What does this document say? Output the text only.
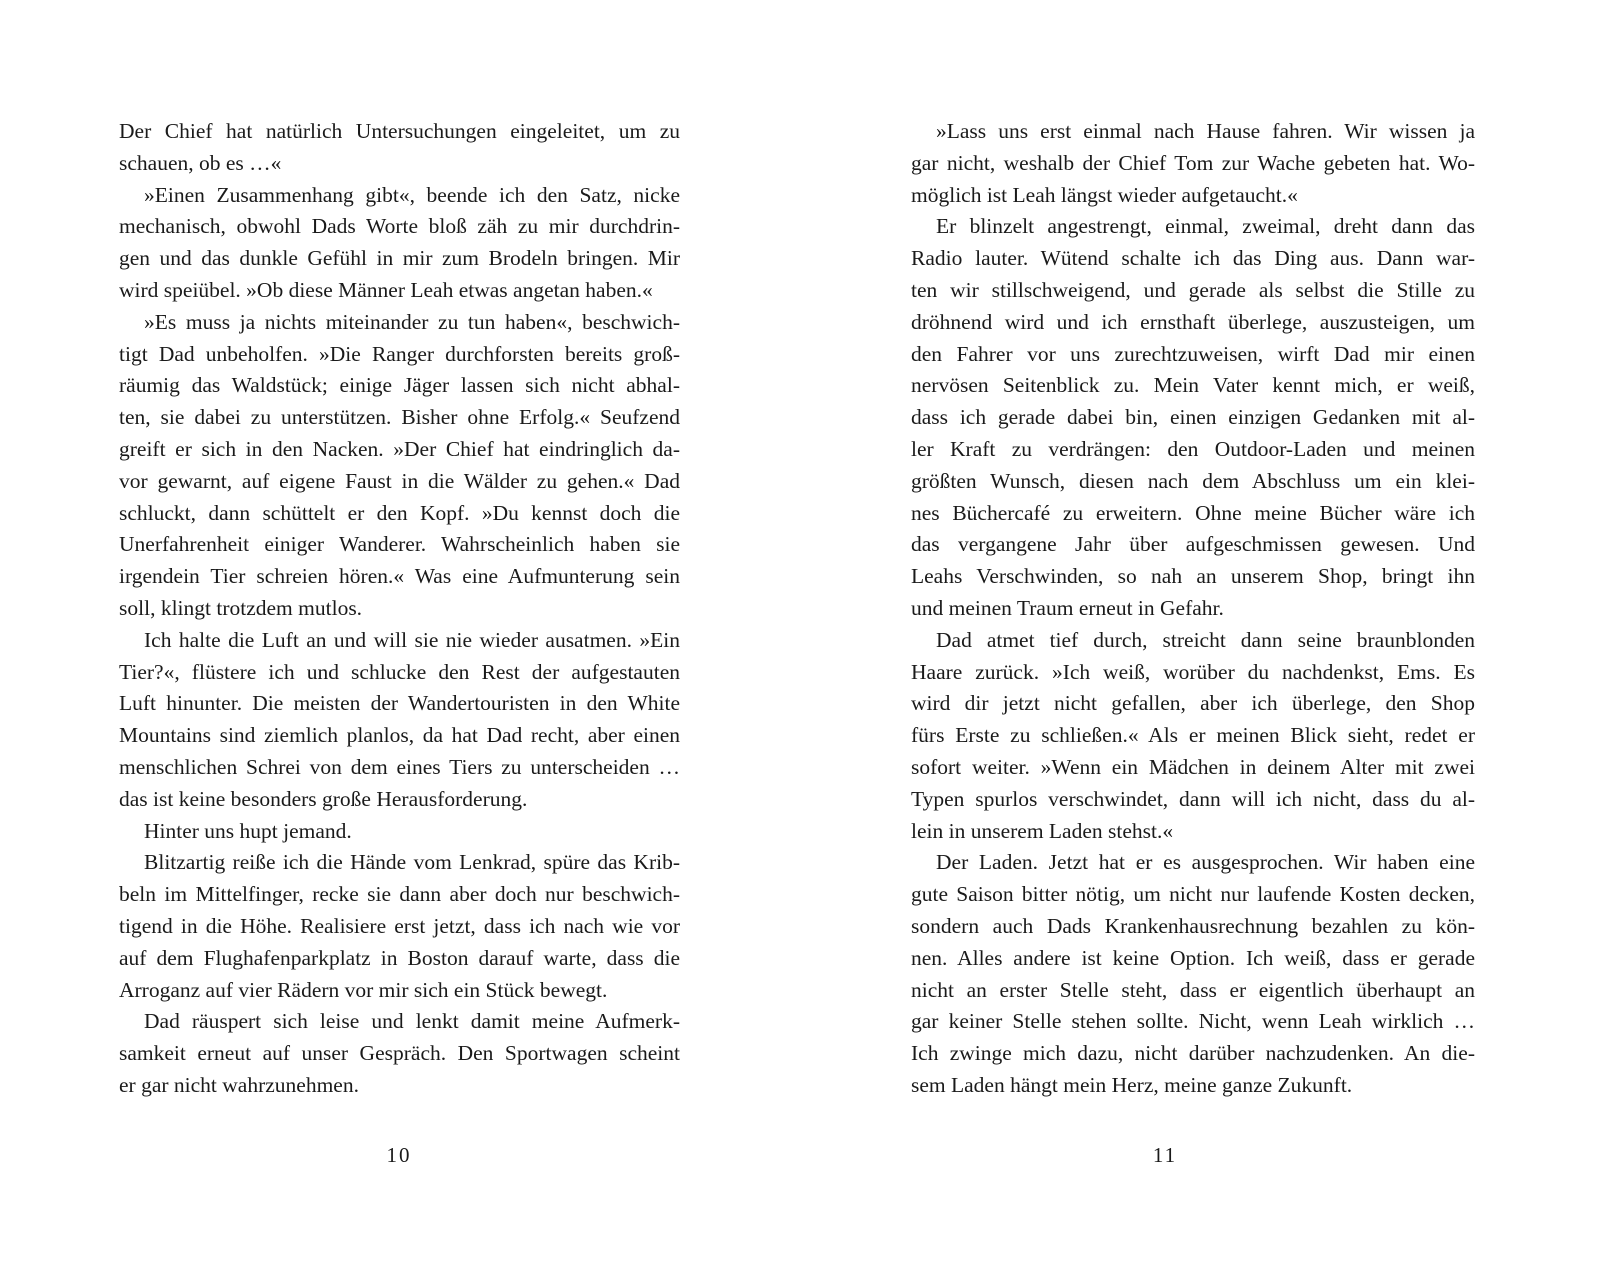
Der Chief hat natürlich Untersuchungen eingeleitet, um zu
schauen, ob es …«
»Einen Zusammenhang gibt«, beende ich den Satz, nicke
mechanisch, obwohl Dads Worte bloß zäh zu mir durchdrin-
gen und das dunkle Gefühl in mir zum Brodeln bringen. Mir
wird speiübel. »Ob diese Männer Leah etwas angetan haben.«
»Es muss ja nichts miteinander zu tun haben«, beschwich-
tigt Dad unbeholfen. »Die Ranger durchforsten bereits groß-
räumig das Waldstück; einige Jäger lassen sich nicht abhal-
ten, sie dabei zu unterstützen. Bisher ohne Erfolg.« Seufzend
greift er sich in den Nacken. »Der Chief hat eindringlich da-
vor gewarnt, auf eigene Faust in die Wälder zu gehen.« Dad
schluckt, dann schüttelt er den Kopf. »Du kennst doch die
Unerfahrenheit einiger Wanderer. Wahrscheinlich haben sie
irgendein Tier schreien hören.« Was eine Aufmunterung sein
soll, klingt trotzdem mutlos.
Ich halte die Luft an und will sie nie wieder ausatmen. »Ein
Tier?«, flüstere ich und schlucke den Rest der aufgestauten
Luft hinunter. Die meisten der Wandertouristen in den White
Mountains sind ziemlich planlos, da hat Dad recht, aber einen
menschlichen Schrei von dem eines Tiers zu unterscheiden …
das ist keine besonders große Herausforderung.
Hinter uns hupt jemand.
Blitzartig reiße ich die Hände vom Lenkrad, spüre das Krib-
beln im Mittelfinger, recke sie dann aber doch nur beschwich-
tigend in die Höhe. Realisiere erst jetzt, dass ich nach wie vor
auf dem Flughafenparkplatz in Boston darauf warte, dass die
Arroganz auf vier Rädern vor mir sich ein Stück bewegt.
Dad räuspert sich leise und lenkt damit meine Aufmerk-
samkeit erneut auf unser Gespräch. Den Sportwagen scheint
er gar nicht wahrzunehmen.
10
»Lass uns erst einmal nach Hause fahren. Wir wissen ja
gar nicht, weshalb der Chief Tom zur Wache gebeten hat. Wo-
möglich ist Leah längst wieder aufgetaucht.«
Er blinzelt angestrengt, einmal, zweimal, dreht dann das
Radio lauter. Wütend schalte ich das Ding aus. Dann war-
ten wir stillschweigend, und gerade als selbst die Stille zu
dröhnend wird und ich ernsthaft überlege, auszusteigen, um
den Fahrer vor uns zurechtzuweisen, wirft Dad mir einen
nervösen Seitenblick zu. Mein Vater kennt mich, er weiß,
dass ich gerade dabei bin, einen einzigen Gedanken mit al-
ler Kraft zu verdrängen: den Outdoor-Laden und meinen
größten Wunsch, diesen nach dem Abschluss um ein klei-
nes Büchercafé zu erweitern. Ohne meine Bücher wäre ich
das vergangene Jahr über aufgeschmissen gewesen. Und
Leahs Verschwinden, so nah an unserem Shop, bringt ihn
und meinen Traum erneut in Gefahr.
Dad atmet tief durch, streicht dann seine braunblonden
Haare zurück. »Ich weiß, worüber du nachdenkst, Ems. Es
wird dir jetzt nicht gefallen, aber ich überlege, den Shop
fürs Erste zu schließen.« Als er meinen Blick sieht, redet er
sofort weiter. »Wenn ein Mädchen in deinem Alter mit zwei
Typen spurlos verschwindet, dann will ich nicht, dass du al-
lein in unserem Laden stehst.«
Der Laden. Jetzt hat er es ausgesprochen. Wir haben eine
gute Saison bitter nötig, um nicht nur laufende Kosten decken,
sondern auch Dads Krankenhausrechnung bezahlen zu kön-
nen. Alles andere ist keine Option. Ich weiß, dass er gerade
nicht an erster Stelle steht, dass er eigentlich überhaupt an
gar keiner Stelle stehen sollte. Nicht, wenn Leah wirklich …
Ich zwinge mich dazu, nicht darüber nachzudenken. An die-
sem Laden hängt mein Herz, meine ganze Zukunft.
11
